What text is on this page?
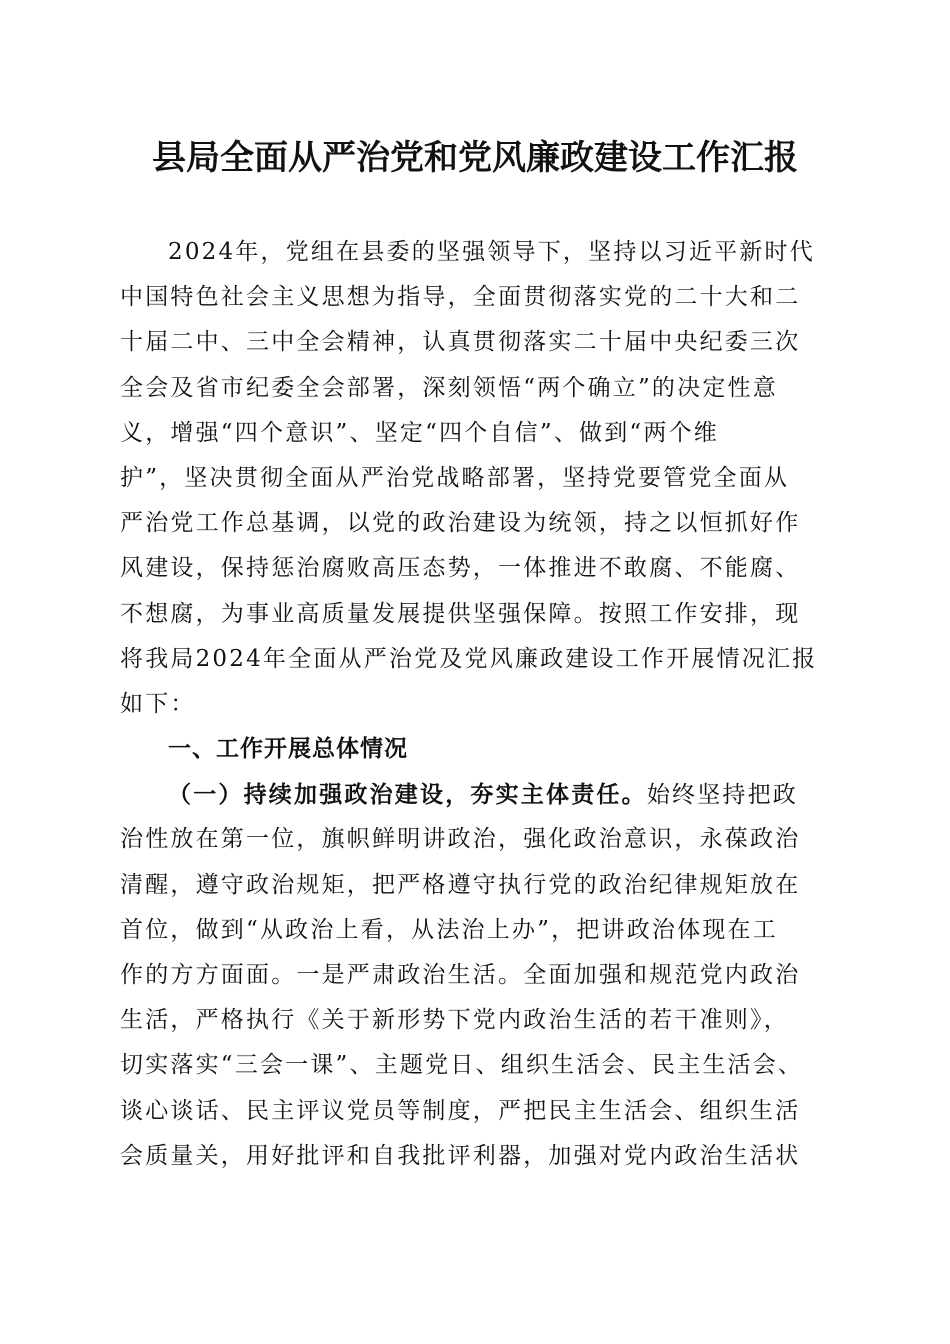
县局全面从严治党和党风廉政建设工作汇报
2024年，党组在县委的坚强领导下，坚持以习近平新时代
中国特色社会主义思想为指导，全面贯彻落实党的二十大和二
十届二中、三中全会精神，认真贯彻落实二十届中央纪委三次
全会及省市纪委全会部署，深刻领悟“两个确立”的决定性意
义，增强“四个意识”、坚定“四个自信”、做到“两个维
护”，坚决贯彻全面从严治党战略部署，坚持党要管党全面从
严治党工作总基调，以党的政治建设为统领，持之以恒抓好作
风建设，保持惩治腐败高压态势，一体推进不敢腐、不能腐、
不想腐，为事业高质量发展提供坚强保障。按照工作安排，现
将我局2024年全面从严治党及党风廉政建设工作开展情况汇报
如下：
一、工作开展总体情况
（一）持续加强政治建设，夯实主体责任。始终坚持把政
治性放在第一位，旗帜鲜明讲政治，强化政治意识，永葆政治
清醒，遵守政治规矩，把严格遵守执行党的政治纪律规矩放在
首位，做到“从政治上看，从法治上办”，把讲政治体现在工
作的方方面面。一是严肃政治生活。全面加强和规范党内政治
生活，严格执行《关于新形势下党内政治生活的若干准则》，
切实落实“三会一课”、主题党日、组织生活会、民主生活会、
谈心谈话、民主评议党员等制度，严把民主生活会、组织生活
会质量关，用好批评和自我批评利器，加强对党内政治生活状
